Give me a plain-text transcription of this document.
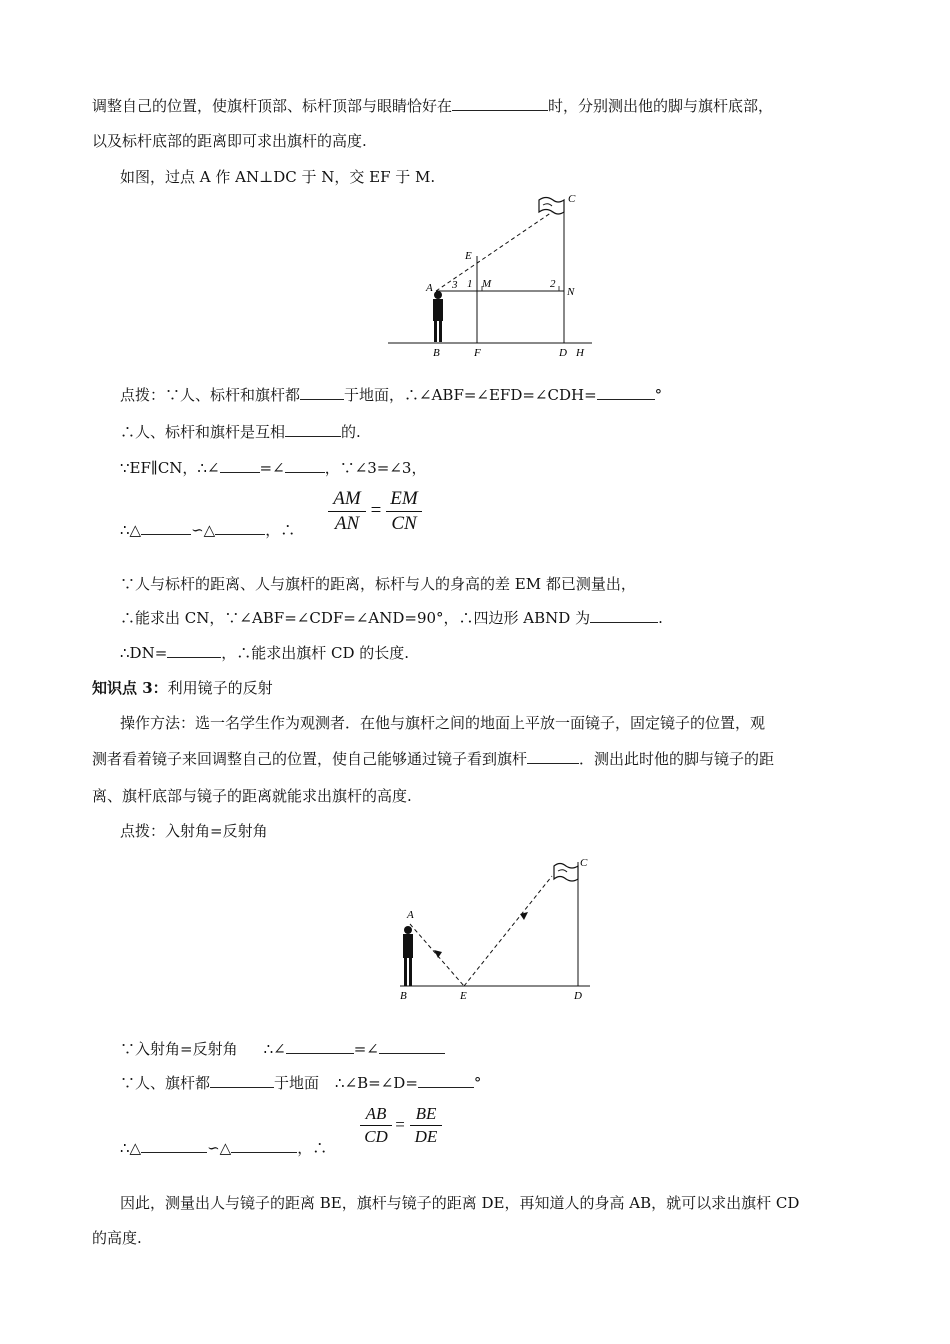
调整自己的位置，使旗杆顶部、标杆顶部与眼睛恰好在	时，分别测出他的脚与旗杆底部，
以及标杆底部的距离即可求出旗杆的高度.
如图，过点 A 作 AN⊥DC 于 N，交 EF 于 M.
C
E
A 3 1 M	2
N
B	F	D H
点拨：∵人、标杆和旗杆都	于地面，∴∠ABF=∠EFD=∠CDH=	°
∴人、标杆和旗杆是互相	的.
∵EF∥CN，∴∠	=∠	，∵∠3=∠3，
∴△	∽△	，∴
AM
AN
=
EM
CN
∵人与标杆的距离、人与旗杆的距离，标杆与人的身高的差 EM 都已测量出，
∴能求出 CN，∵∠ABF=∠CDF=∠AND=90°，∴四边形 ABND 为	.
∴DN=	，∴能求出旗杆 CD 的长度.
知识点 3：利用镜子的反射
操作方法：选一名学生作为观测者．在他与旗杆之间的地面上平放一面镜子，固定镜子的位置，观
测者看着镜子来回调整自己的位置，使自己能够通过镜子看到旗杆	．测出此时他的脚与镜子的距
离、旗杆底部与镜子的距离就能求出旗杆的高度.
点拨：入射角=反射角
C
A
B	E	D
∵入射角=反射角 ∴∠	=∠
∵人、旗杆都	于地面 ∴∠B=∠D=	°
∴△	∽△	，∴
AB
CD
=
BE
DE
因此，测量出人与镜子的距离 BE，旗杆与镜子的距离 DE，再知道人的身高 AB，就可以求出旗杆 CD
的高度.
